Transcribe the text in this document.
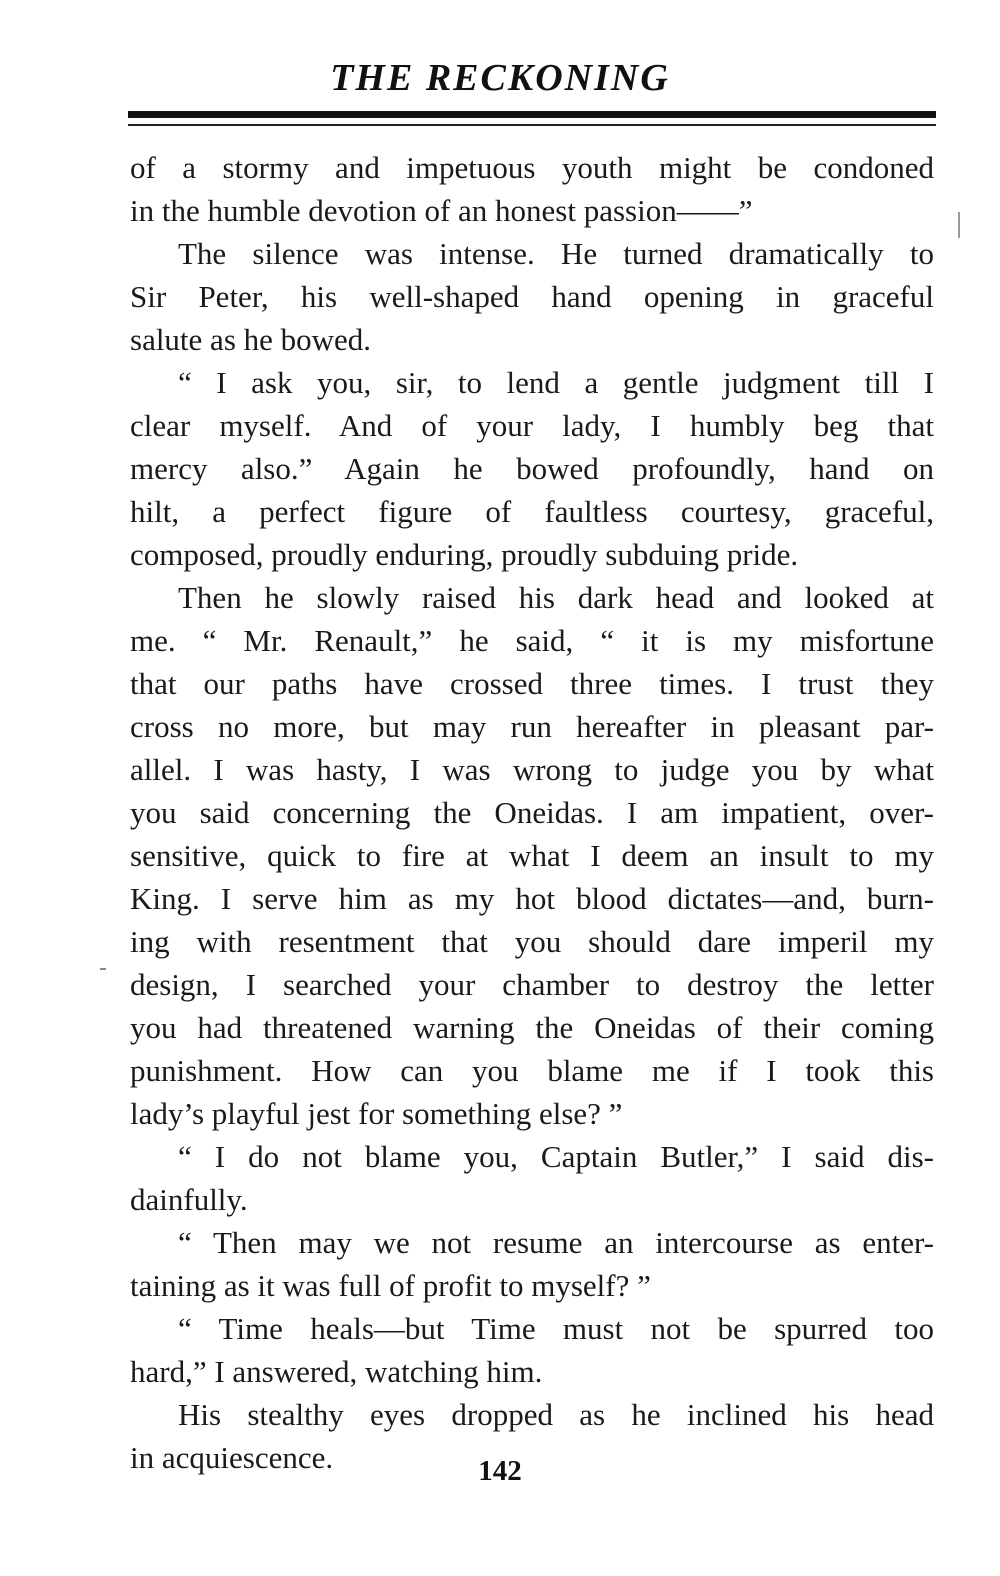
THE RECKONING
of a stormy and impetuous youth might be condoned
in the humble devotion of an honest passion——”
The silence was intense. He turned dramatically to
Sir Peter, his well-shaped hand opening in graceful
salute as he bowed.
“ I ask you, sir, to lend a gentle judgment till I
clear myself. And of your lady, I humbly beg that
mercy also.” Again he bowed profoundly, hand on
hilt, a perfect figure of faultless courtesy, graceful,
composed, proudly enduring, proudly subduing pride.
Then he slowly raised his dark head and looked at
me. “ Mr. Renault,” he said, “ it is my misfortune
that our paths have crossed three times. I trust they
cross no more, but may run hereafter in pleasant par-
allel. I was hasty, I was wrong to judge you by what
you said concerning the Oneidas. I am impatient, over-
sensitive, quick to fire at what I deem an insult to my
King. I serve him as my hot blood dictates—and, burn-
ing with resentment that you should dare imperil my
design, I searched your chamber to destroy the letter
you had threatened warning the Oneidas of their coming
punishment. How can you blame me if I took this
lady’s playful jest for something else? ”
“ I do not blame you, Captain Butler,” I said dis-
dainfully.
“ Then may we not resume an intercourse as enter-
taining as it was full of profit to myself? ”
“ Time heals—but Time must not be spurred too
hard,” I answered, watching him.
His stealthy eyes dropped as he inclined his head
in acquiescence.	142
